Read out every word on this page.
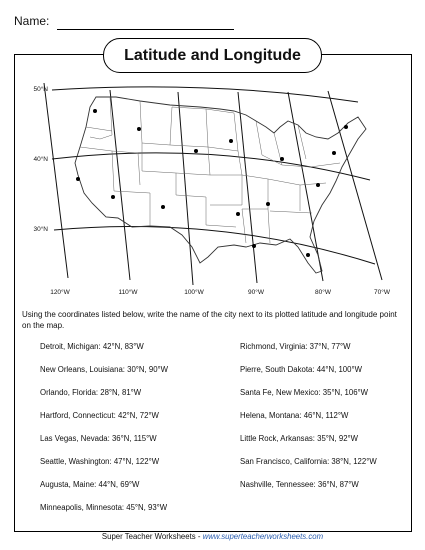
Name:
Latitude and Longitude
50°N
40°N
30°N
120°W	110°W	100°W	90°W	80°W	70°W
Using the coordinates listed below, write the name of the city next to its plotted latitude and longitude point on the map.
Detroit, Michigan: 42°N, 83°W
New Orleans, Louisiana: 30°N, 90°W
Orlando, Florida: 28°N, 81°W
Hartford, Connecticut: 42°N, 72°W
Las Vegas, Nevada: 36°N, 115°W
Seattle, Washington: 47°N, 122°W
Augusta, Maine: 44°N, 69°W
Minneapolis, Minnesota: 45°N, 93°W
Richmond, Virginia: 37°N, 77°W
Pierre, South Dakota: 44°N, 100°W
Santa Fe, New Mexico: 35°N, 106°W
Helena, Montana: 46°N, 112°W
Little Rock, Arkansas: 35°N, 92°W
San Francisco, California: 38°N, 122°W
Nashville, Tennessee: 36°N, 87°W
Super Teacher Worksheets - www.superteacherworksheets.com
